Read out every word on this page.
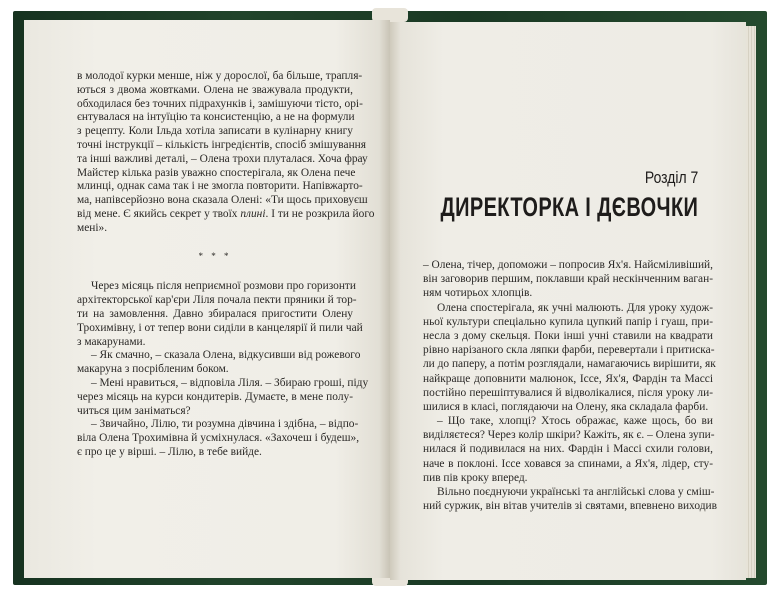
в молодої курки менше, ніж у дорослої, ба більше, трапля-
ються з двома жовтками. Олена не зважувала продукти,
обходилася без точних підрахунків і, замішуючи тісто, орі-
єнтувалася на інтуїцію та консистенцію, а не на формули
з рецепту. Коли Ільда хотіла записати в кулінарну книгу
точні інструкції – кількість інгредієнтів, спосіб змішування
та інші важливі деталі, – Олена трохи плуталася. Хоча фрау
Майстер кілька разів уважно спостерігала, як Олена пече
млинці, однак сама так і не змогла повторити. Напівжарто-
ма, напівсерйозно вона сказала Олені: «Ти щось приховуєш
від мене. Є якийсь секрет у твоїх плині. І ти не розкрила його
мені».
* * *
Через місяць після неприємної розмови про горизонти
архітекторської кар'єри Ліля почала пекти пряники й тор-
ти на замовлення. Давно збиралася пригостити Олену
Трохимівну, і от тепер вони сиділи в канцелярії й пили чай
з макарунами.
– Як смачно, – сказала Олена, відкусивши від рожевого
макаруна з посрібленим боком.
– Мені нравиться, – відповіла Ліля. – Збираю гроші, піду
через місяць на курси кондитерів. Думаєте, в мене полу-
читься цим заніматься?
– Звичайно, Лілю, ти розумна дівчина і здібна, – відпо-
віла Олена Трохимівна й усміхнулася. «Захочеш і будеш»,
є про це у вірші. – Лілю, в тебе вийде.
Розділ 7
ДИРЕКТОРКА І ДЄВОЧКИ
– Олена, тічер, допоможи – попросив Ях'я. Найсміливіший,
він заговорив першим, поклавши край нескінченним ваган-
ням чотирьох хлопців.
Олена спостерігала, як учні малюють. Для уроку худож-
ньої культури спеціально купила цупкий папір і гуаш, при-
несла з дому скельця. Поки інші учні ставили на квадрати
рівно нарізаного скла ляпки фарби, перевертали і притиска-
ли до паперу, а потім розглядали, намагаючись вирішити, як
найкраще доповнити малюнок, Ісcе, Ях'я, Фардін та Массі
постійно перешіптувалися й відволікалися, після уроку ли-
шилися в класі, поглядаючи на Олену, яка складала фарби.
– Що таке, хлопці? Хтось ображає, каже щось, бо ви
виділяєтеся? Через колір шкіри? Кажіть, як є. – Олена зупи-
нилася й подивилася на них. Фардін і Массі схили голови,
наче в поклоні. Ісcе ховався за спинами, а Ях'я, лідер, сту-
пив пів кроку вперед.
Вільно поєднуючи українські та англійські слова у сміш-
ний суржик, він вітав учителів зі святами, впевнено виходив
